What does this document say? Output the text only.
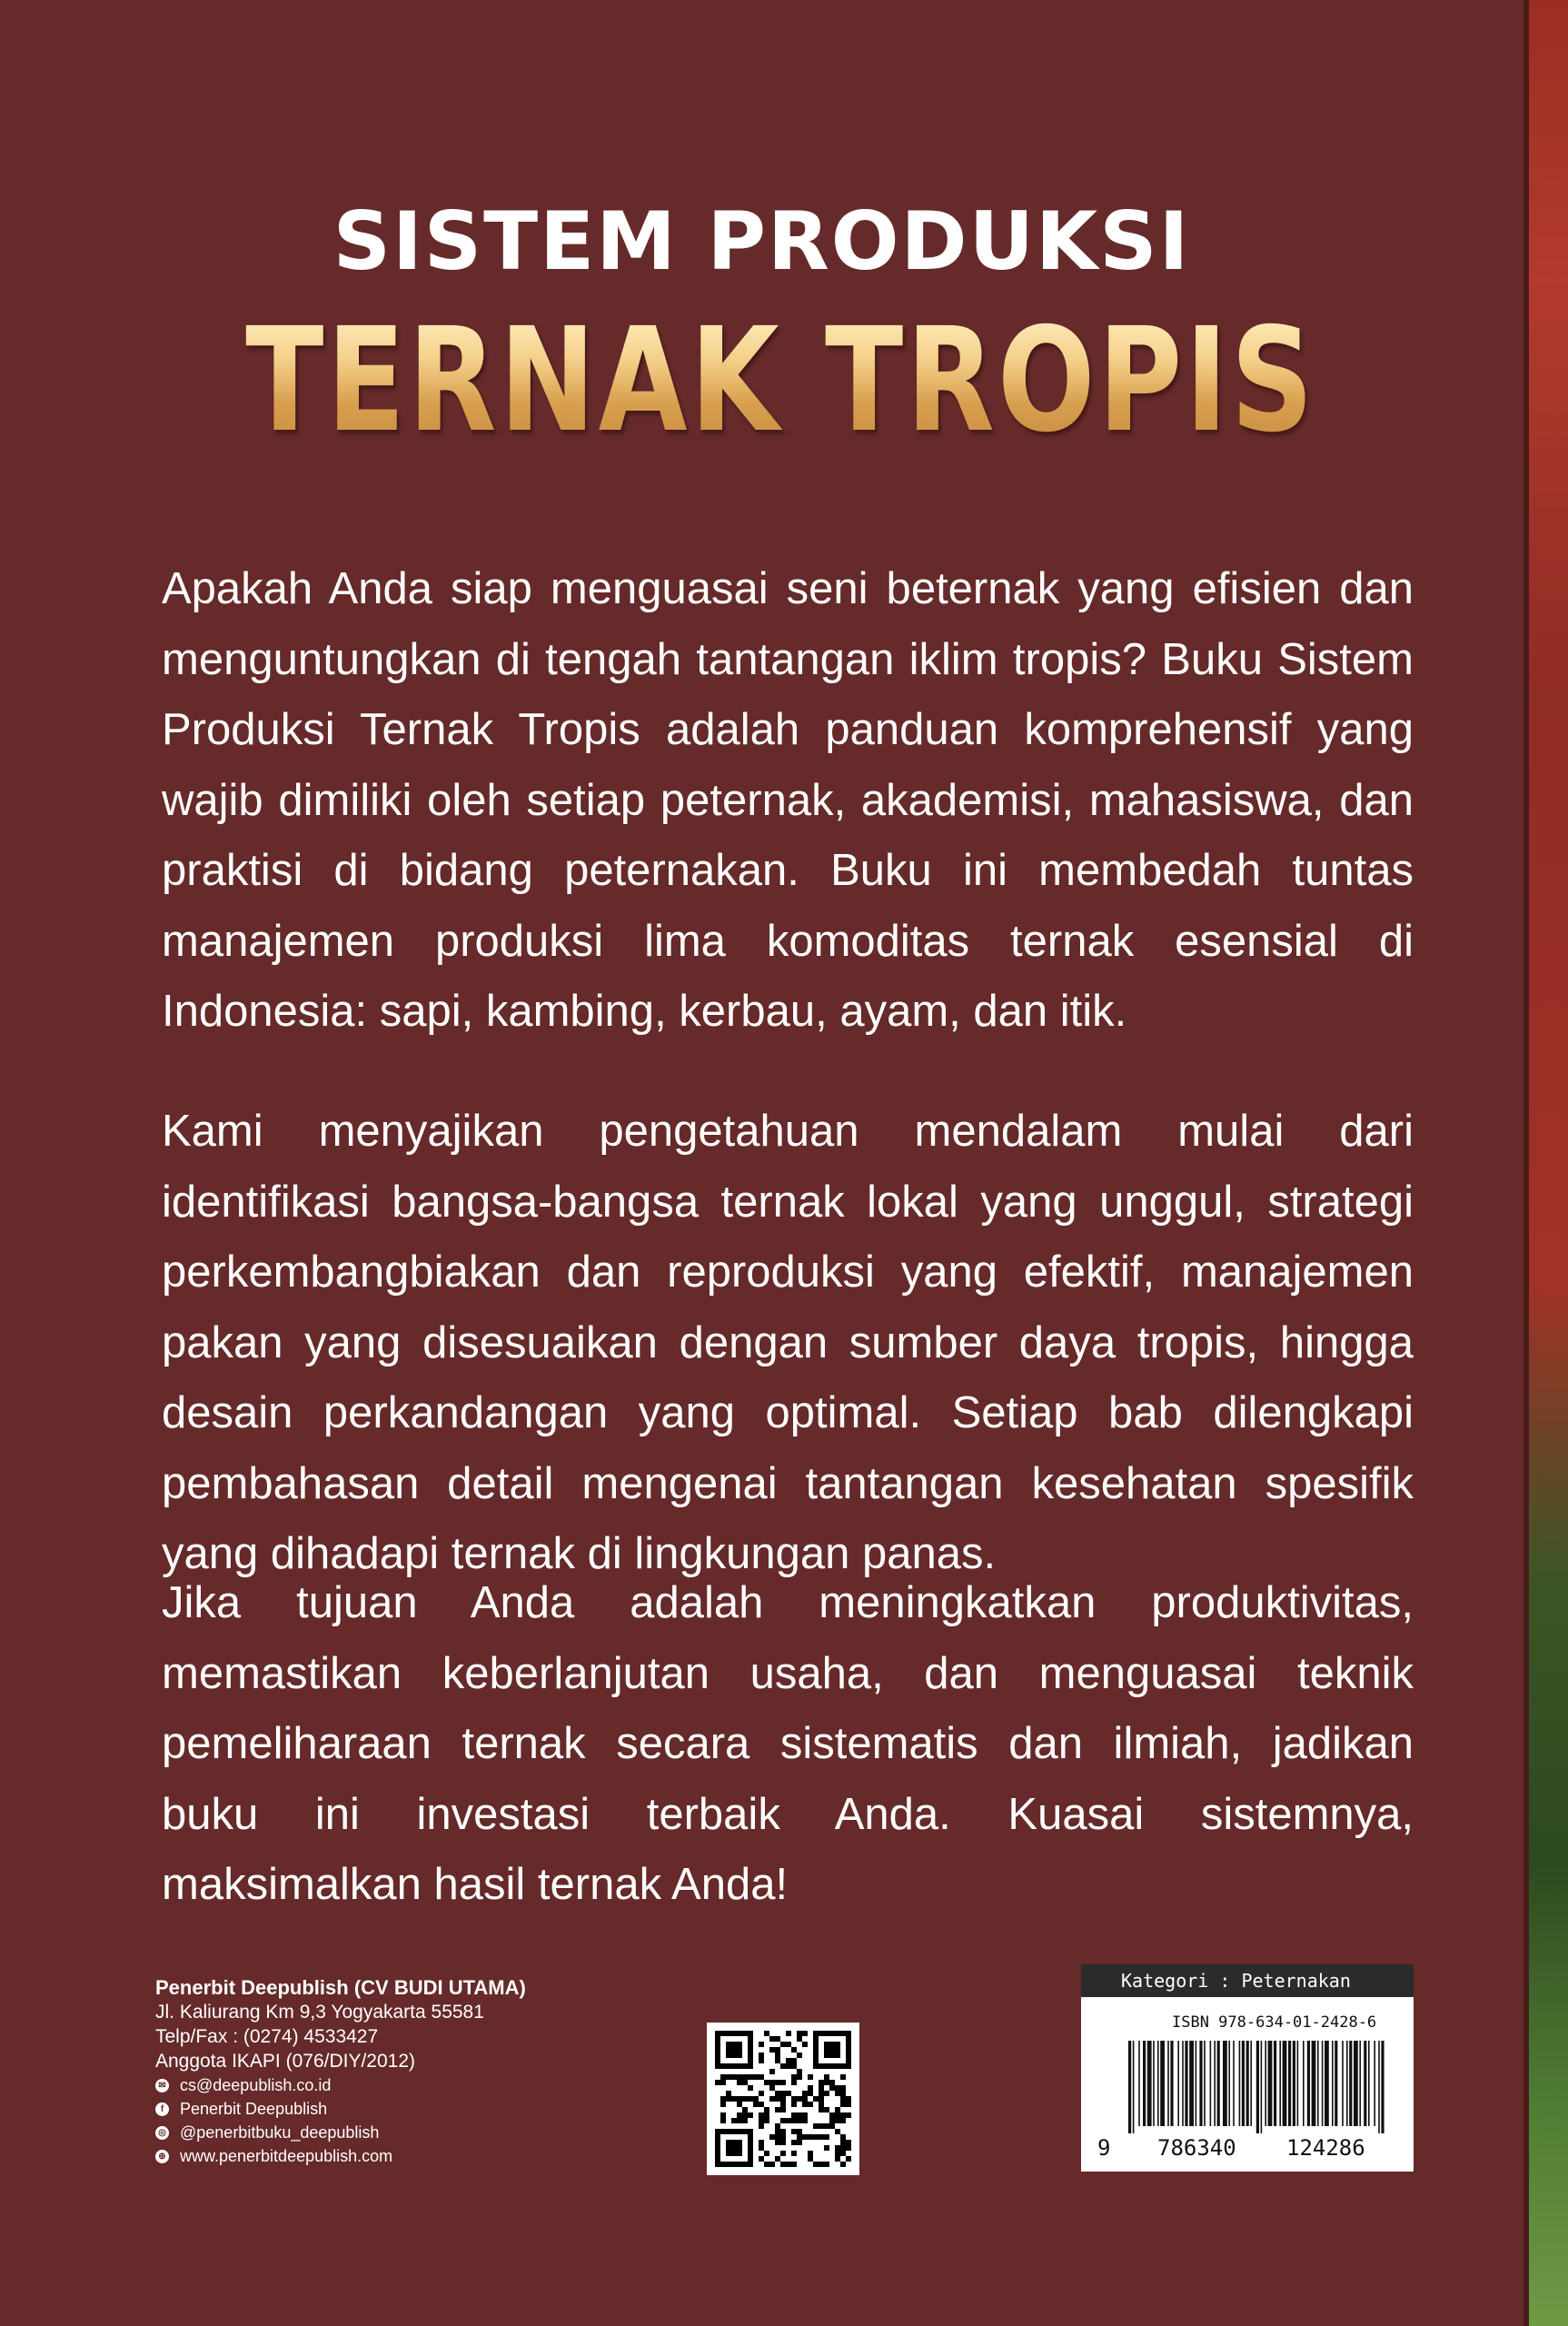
SISTEM PRODUKSI
TERNAK TROPIS

Apakah Anda siap menguasai seni beternak yang efisien dan menguntungkan di tengah tantangan iklim tropis? Buku Sistem Produksi Ternak Tropis adalah panduan komprehensif yang wajib dimiliki oleh setiap peternak, akademisi, mahasiswa, dan praktisi di bidang peternakan. Buku ini membedah tuntas manajemen produksi lima komoditas ternak esensial di Indonesia: sapi, kambing, kerbau, ayam, dan itik.

Kami menyajikan pengetahuan mendalam mulai dari identifikasi bangsa-bangsa ternak lokal yang unggul, strategi perkembangbiakan dan reproduksi yang efektif, manajemen pakan yang disesuaikan dengan sumber daya tropis, hingga desain perkandangan yang optimal. Setiap bab dilengkapi pembahasan detail mengenai tantangan kesehatan spesifik yang dihadapi ternak di lingkungan panas.

Jika tujuan Anda adalah meningkatkan produktivitas, memastikan keberlanjutan usaha, dan menguasai teknik pemeliharaan ternak secara sistematis dan ilmiah, jadikan buku ini investasi terbaik Anda. Kuasai sistemnya, maksimalkan hasil ternak Anda!

Penerbit Deepublish (CV BUDI UTAMA)
Jl. Kaliurang Km 9,3 Yogyakarta 55581
Telp/Fax : (0274) 4533427
Anggota IKAPI (076/DIY/2012)
✉ cs@deepublish.co.id
f Penerbit Deepublish
◎ @penerbitbuku_deepublish
⊕ www.penerbitdeepublish.com
Kategori : Peternakan
ISBN 978-634-01-2428-6
9 786340 124286
